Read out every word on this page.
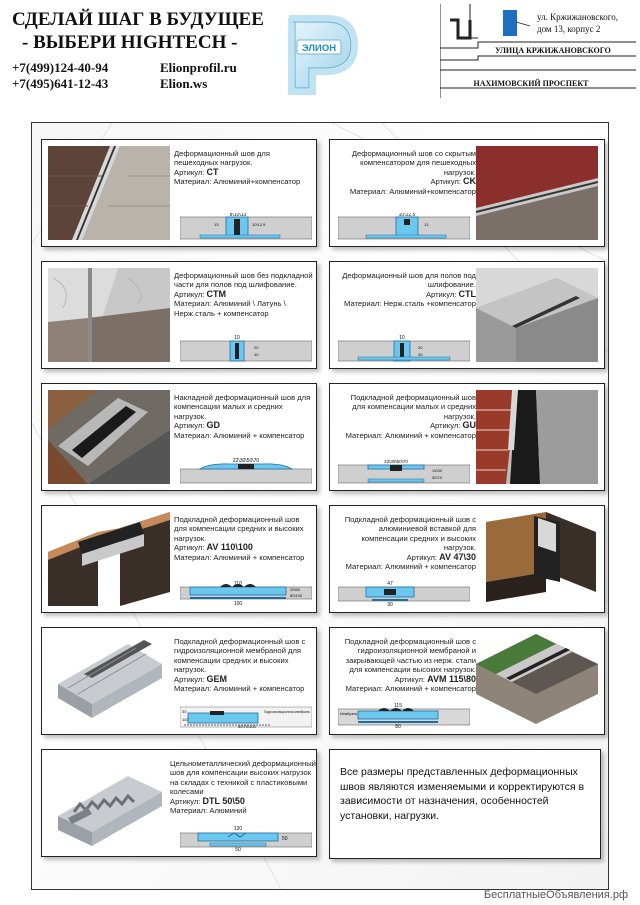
СДЕЛАЙ ШАГ В БУДУЩЕЕ
- ВЫБЕРИ HIGHTECH -
+7(499)124-40-94
+7(495)641-12-43
Elionprofil.ru
Elion.ws
ЭЛИОН
ул. Кржижановского,
дом 13, корпус 2
УЛИЦА КРЖИЖАНОВСКОГО
НАХИМОВСКИЙ ПРОСПЕКТ
Деформационный шов для пешеходных нагрузок.
Артикул: CT
Материал: Алюминий+компенсатор
8\10\13
13	10\12,5
Деформационный шов со скрытым компенсатором для пешеходных нагрузок.
Артикул: CK
Материал: Алюминий+компенсатор
10\12,5
13
Деформационный шов без подкладной части для полов под шлифование.
Артикул: CTM
Материал: Алюминий \ Латунь \ Нерж.сталь + компенсатор
10
20
40
Деформационный шов для полов под шлифование.
Артикул: CTL
Материал: Нерж.сталь +компенсатор
10
20
40
Накладной деформационный шов для компенсации малых и средних нагрузок.
Артикул: GD
Материал: Алюминий + компенсатор
22\30\50\70
Подкладной деформационный шов для компенсации малых и средних нагрузок.
Артикул: GU
Материал: Алюминий + компенсатор
22\30\50\70
15\30
50\70
Подкладной деформационный шов для компенсации средних и высоких нагрузок.
Артикул: AV 110\100
Материал: Алюминий + компенсатор
110
20\50
80\100
100
Подкладной деформационный шов с алюминиевой вставкой для компенсации средних и высоких нагрузок.
Артикул: AV 47\30
Материал: Алюминий + компенсатор
47
30
Подкладной деформационный шов с гидроизоляционной мембраной для компенсации средних и высоких нагрузок.
Артикул: GEM
Материал: Алюминий + компенсатор
30
110
50\70\100
Гидроизоляционная мембрана
Подкладной деформационный шов с гидроизоляционной мембраной и закрывающей частью из нерж. стали для компенсации высоких нагрузок.
Артикул: AVM 115\80
Материал: Алюминий + компенсатор
115
80
Мембрана
Цельнометаллический деформационный шов для компенсации высоких нагрузок на складах с техникой с пластиковыми колесами
Артикул: DTL 50\50
Материал: Алюминий
120
50
50
Все размеры представленных деформационных швов являются изменяемыми и корректируются в зависимости от назначения, особенностей установки, нагрузки.
БесплатныеОбъявления.рф
